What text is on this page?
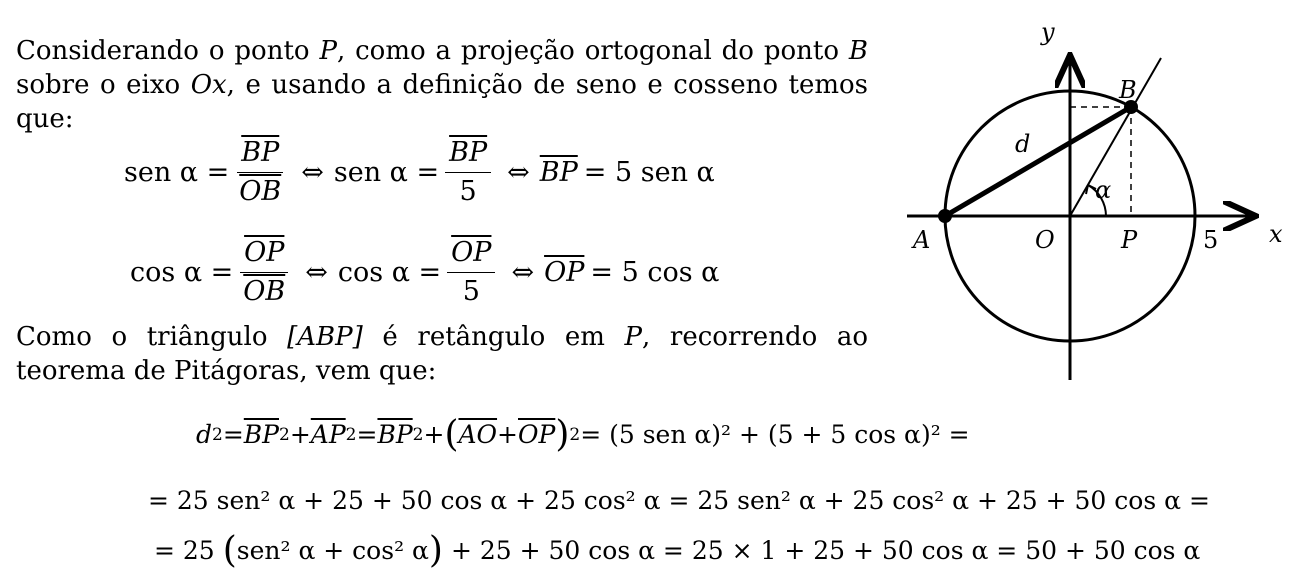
Considerando o ponto P, como a projeção ortogonal do ponto B sobre o eixo Ox, e usando a definição de seno e cosseno temos que:
sen $\alpha = \frac{\overline{BP}}{OB}$ ⇔ sen $\alpha = \frac{\overline{BP}}{5}$ ⇔ $\overline{BP} = 5$ sen α
$\cos \alpha = \frac{\overline{OP}}{OB}$ ⇔ $\cos \alpha = \frac{\overline{OP}}{5}$ ⇔ $\overline{OP} = 5$ cos α
Como o triângulo [ABP] é retângulo em P, recorrendo ao teorema de Pitágoras, vem que:
d $2 = \overline{BP}$ $2 + \overline{AP}$ $2 = \overline{BP}$ 2 + ( $\overline{AO} + \overline{OP}$ ) 2 = (5 sen α)² + (5 + 5 cos α)² =
= 25 sen² α + 25 + 50 cos α + 25 cos² α = 25 sen² α + 25 cos² α + 25 + 50 cos α =
= 25 ( sen² α + cos² α ) + 25 + 50 cos α = 25 × 1 + 25 + 50 cos α = 50 + 50 cos α
y
x
A	O	P	5
B
d
α
